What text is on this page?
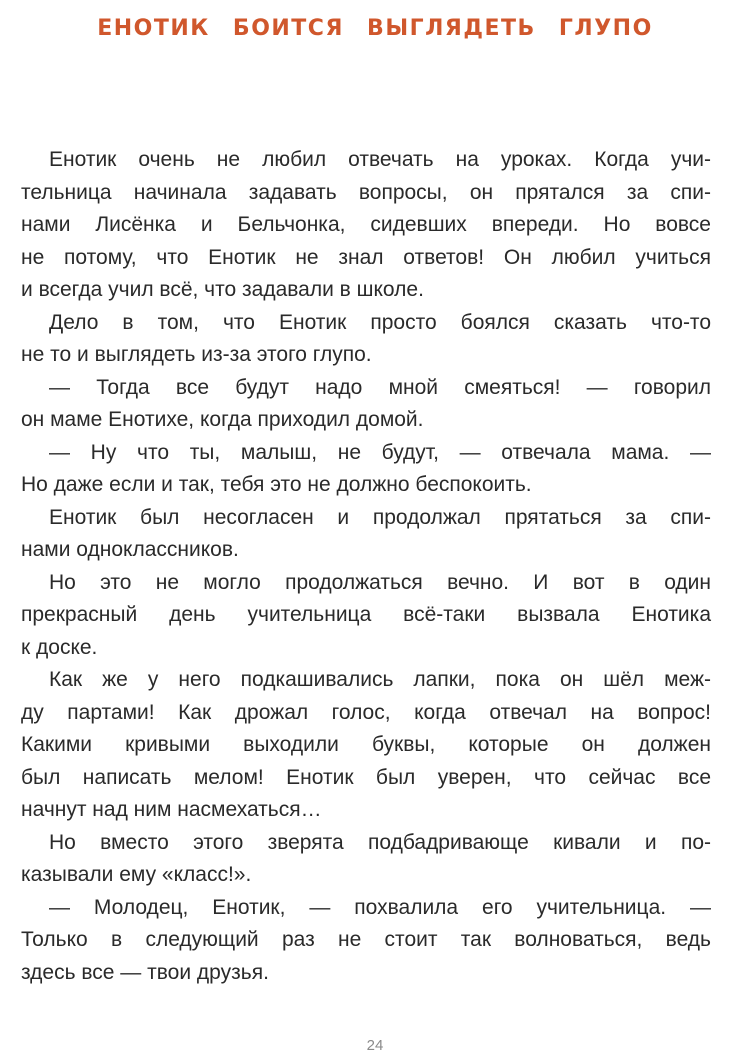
ЕНОТИК БОИТСЯ ВЫГЛЯДЕТЬ ГЛУПО
Енотик очень не любил отвечать на уроках. Когда учи-
тельница начинала задавать вопросы, он прятался за спи-
нами Лисёнка и Бельчонка, сидевших впереди. Но вовсе
не потому, что Енотик не знал ответов! Он любил учиться
и всегда учил всё, что задавали в школе.
Дело в том, что Енотик просто боялся сказать что-то
не то и выглядеть из-за этого глупо.
— Тогда все будут надо мной смеяться! — говорил
он маме Енотихе, когда приходил домой.
— Ну что ты, малыш, не будут, — отвечала мама. —
Но даже если и так, тебя это не должно беспокоить.
Енотик был несогласен и продолжал прятаться за спи-
нами одноклассников.
Но это не могло продолжаться вечно. И вот в один
прекрасный день учительница всё-таки вызвала Енотика
к доске.
Как же у него подкашивались лапки, пока он шёл меж-
ду партами! Как дрожал голос, когда отвечал на вопрос!
Какими кривыми выходили буквы, которые он должен
был написать мелом! Енотик был уверен, что сейчас все
начнут над ним насмехаться…
Но вместо этого зверята подбадривающе кивали и по-
казывали ему «класс!».
— Молодец, Енотик, — похвалила его учительница. —
Только в следующий раз не стоит так волноваться, ведь
здесь все — твои друзья.
24
